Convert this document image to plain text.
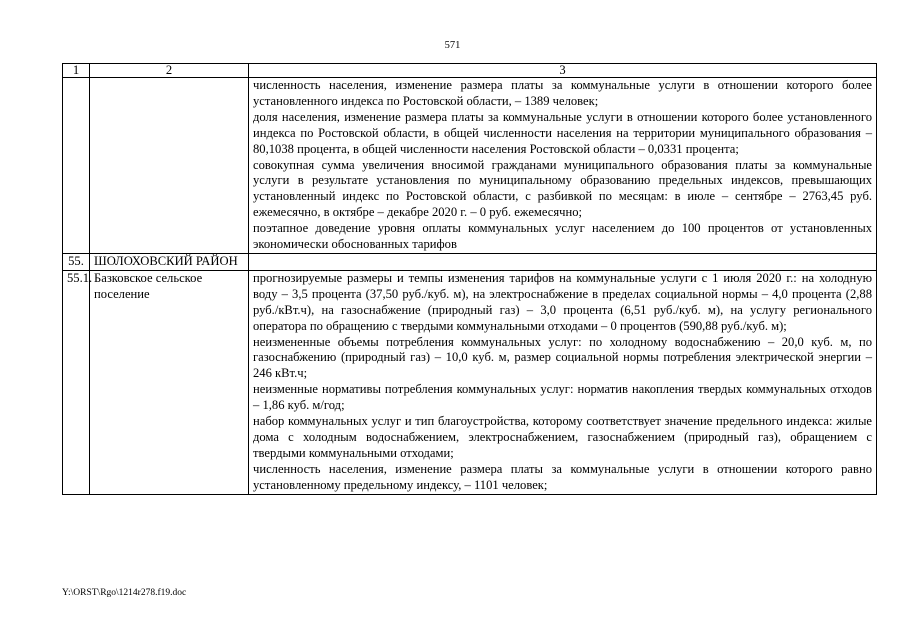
571
1	2	3

		численность населения, изменение размера платы за коммунальные услуги в отношении которого более установленного индекса по Ростовской области, – 1389 человек;

доля населения, изменение размера платы за коммунальные услуги в отношении которого более установленного индекса по Ростовской области, в общей численности населения на территории муниципального образования – 80,1038 процента, в общей численности населения Ростовской области – 0,0331 процента;

совокупная сумма увеличения вносимой гражданами муниципального образования платы за коммунальные услуги в результате установления по муниципальному образованию предельных индексов, превышающих установленный индекс по Ростовской области, с разбивкой по месяцам: в июле – сентябре – 2763,45 руб. ежемесячно, в октябре – декабре 2020 г. – 0 руб. ежемесячно;

поэтапное доведение уровня оплаты коммунальных услуг населением до 100 процентов от установленных экономически обоснованных тарифов

55.	ШОЛОХОВСКИЙ РАЙОН	

55.1.	Базковское сельское поселение	прогнозируемые размеры и темпы изменения тарифов на коммунальные услуги с 1 июля 2020 г.: на холодную воду – 3,5 процента (37,50 руб./куб. м), на электроснабжение в пределах социальной нормы – 4,0 процента (2,88 руб./кВт.ч), на газоснабжение (природный газ) – 3,0 процента (6,51 руб./куб. м), на услугу регионального оператора по обращению с твердыми коммунальными отходами – 0 процентов (590,88 руб./куб. м);

неизмененные объемы потребления коммунальных услуг: по холодному водоснабжению – 20,0 куб. м, по газоснабжению (природный газ) – 10,0 куб. м, размер социальной нормы потребления электрической энергии – 246 кВт.ч;

неизменные нормативы потребления коммунальных услуг: норматив накопления твердых коммунальных отходов – 1,86 куб. м/год;

набор коммунальных услуг и тип благоустройства, которому соответствует значение предельного индекса: жилые дома с холодным водоснабжением, электроснабжением, газоснабжением (природный газ), обращением с твердыми коммунальными отходами;

численность населения, изменение размера платы за коммунальные услуги в отношении которого равно установленному предельному индексу, – 1101 человек;

Y:\ORST\Rgo\1214r278.f19.doc
